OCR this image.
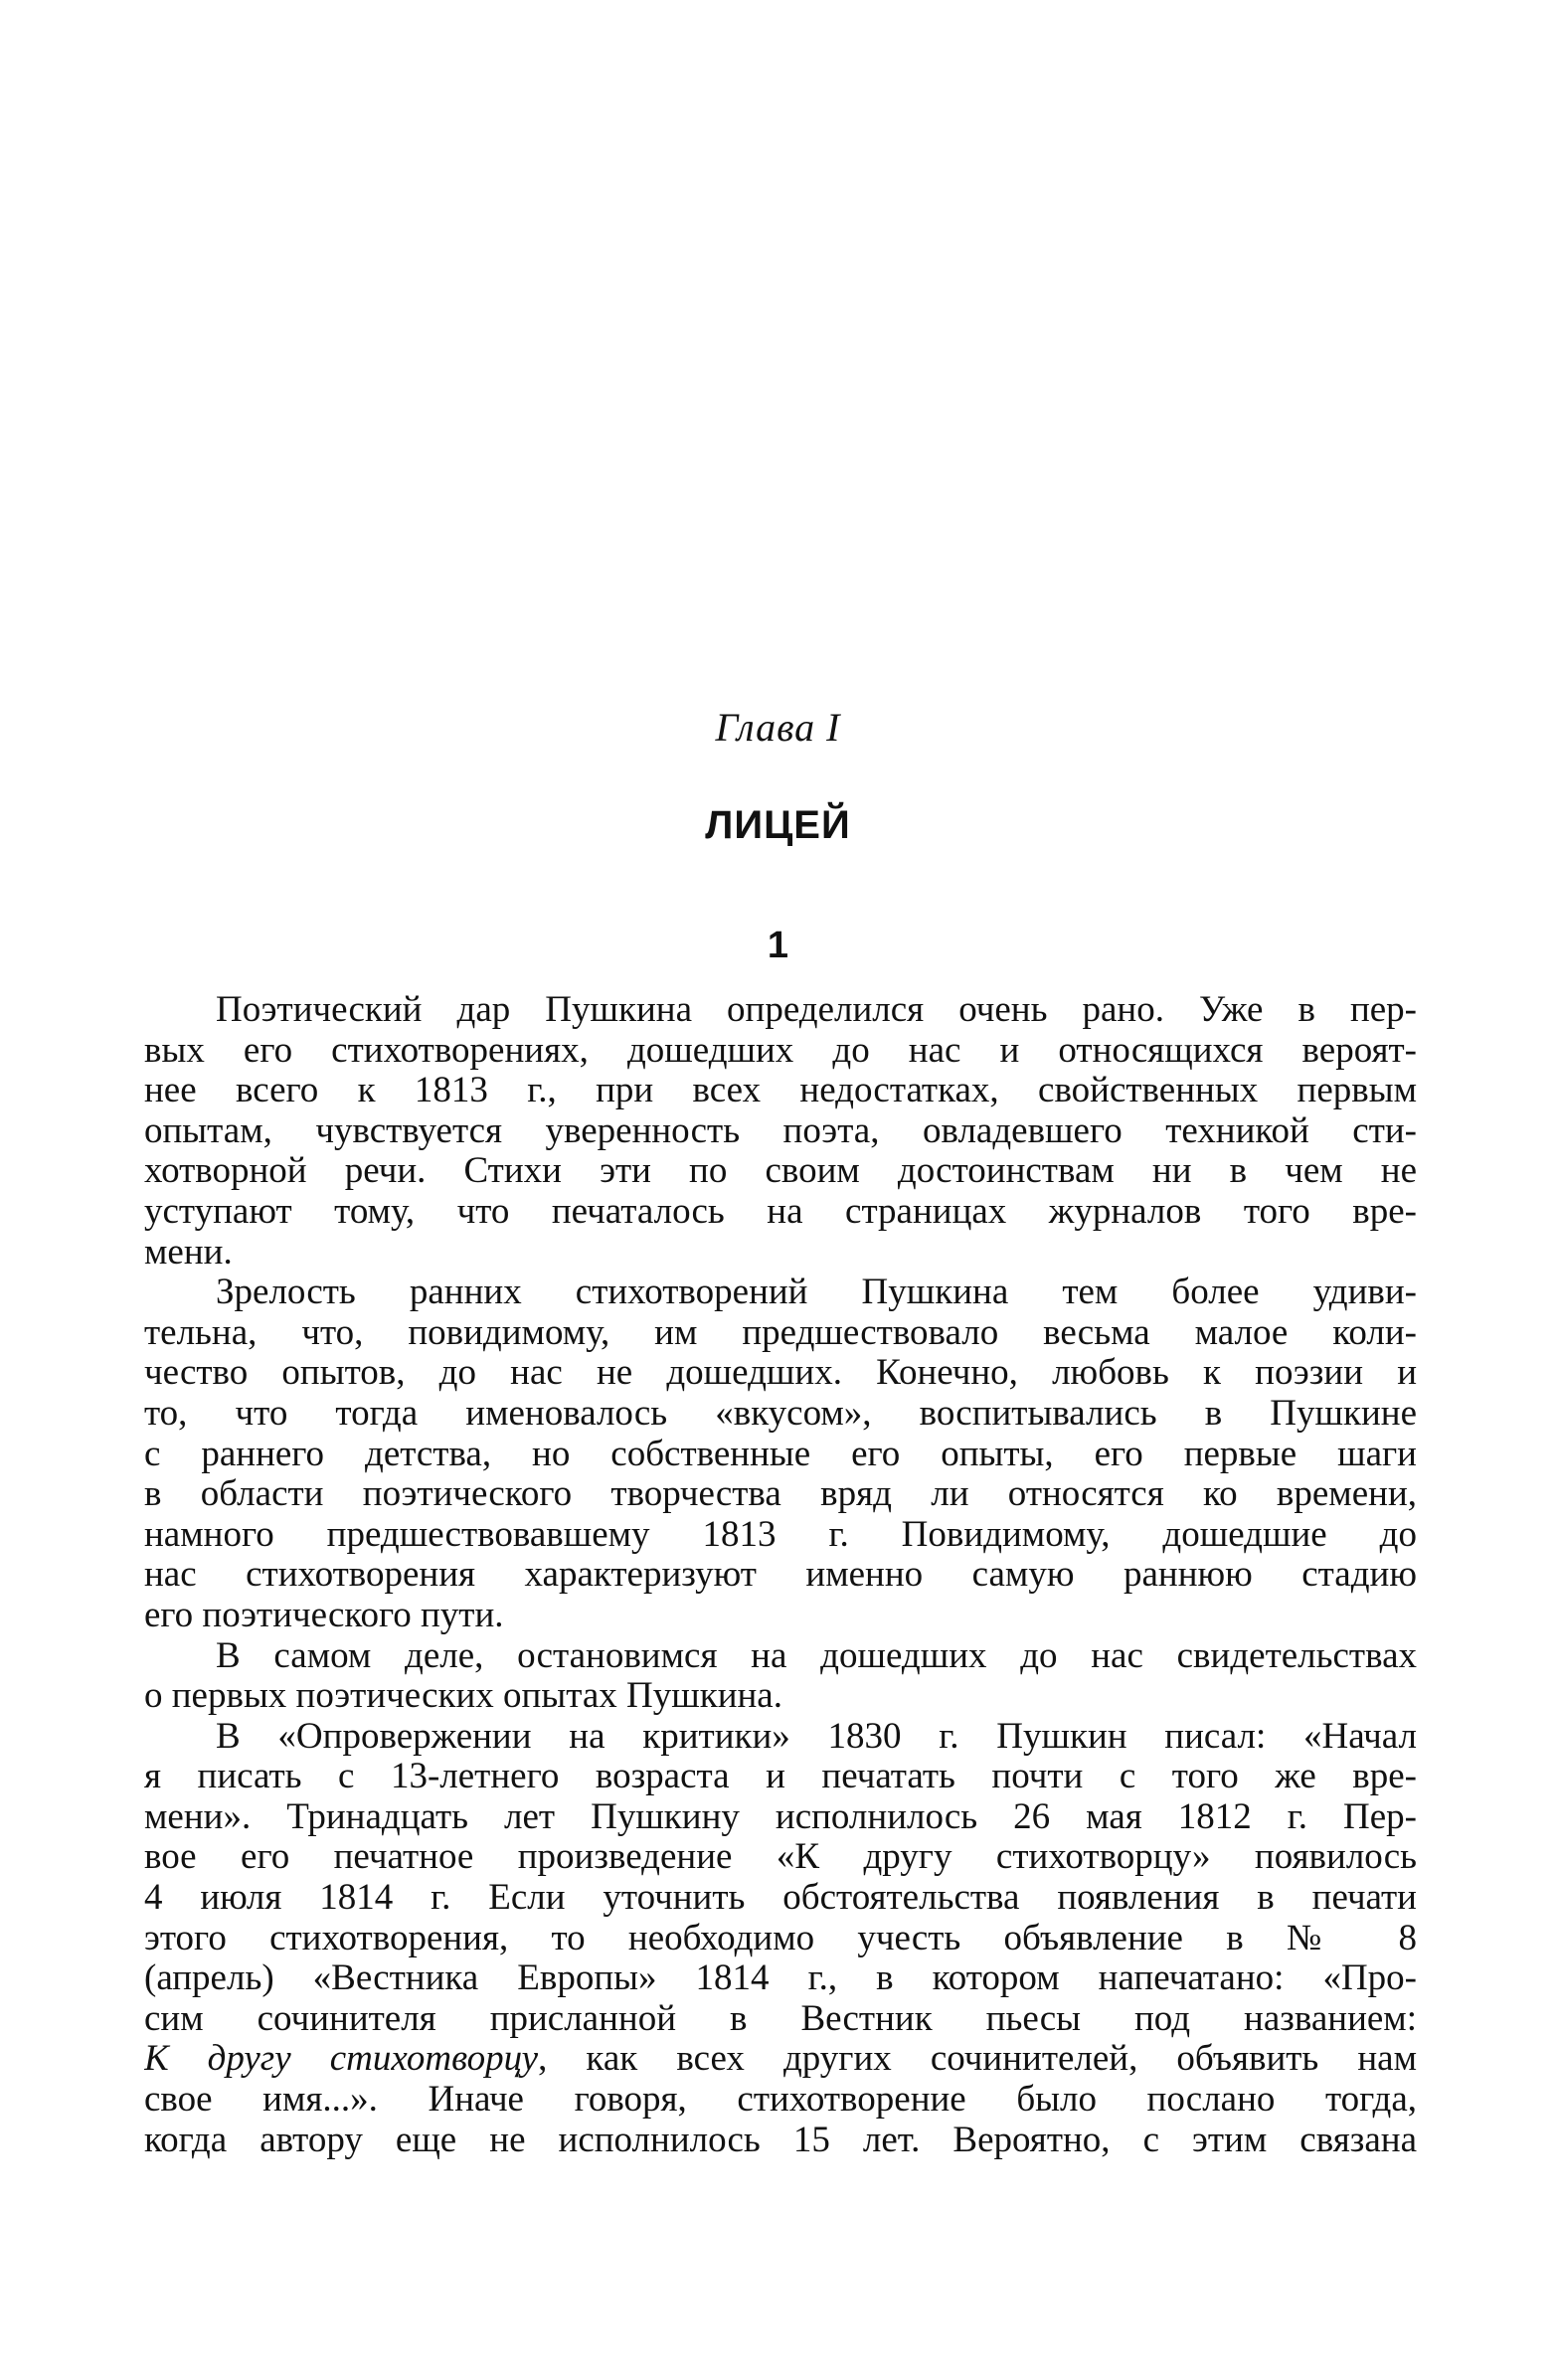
Глава I
ЛИЦЕЙ
1
Поэтический дар Пушкина определился очень рано. Уже в пер-
вых его стихотворениях, дошедших до нас и относящихся вероят-
нее всего к 1813 г., при всех недостатках, свойственных первым
опытам, чувствуется уверенность поэта, овладевшего техникой сти-
хотворной речи. Стихи эти по своим достоинствам ни в чем не
уступают тому, что печаталось на страницах журналов того вре-
мени.
Зрелость ранних стихотворений Пушкина тем более удиви-
тельна, что, повидимому, им предшествовало весьма малое коли-
чество опытов, до нас не дошедших. Конечно, любовь к поэзии и
то, что тогда именовалось «вкусом», воспитывались в Пушкине
с раннего детства, но собственные его опыты, его первые шаги
в области поэтического творчества вряд ли относятся ко времени,
намного предшествовавшему 1813 г. Повидимому, дошедшие до
нас стихотворения характеризуют именно самую раннюю стадию
его поэтического пути.
В самом деле, остановимся на дошедших до нас свидетельствах
о первых поэтических опытах Пушкина.
В «Опровержении на критики» 1830 г. Пушкин писал: «Начал
я писать с 13-летнего возраста и печатать почти с того же вре-
мени». Тринадцать лет Пушкину исполнилось 26 мая 1812 г. Пер-
вое его печатное произведение «К другу стихотворцу» появилось
4 июля 1814 г. Если уточнить обстоятельства появления в печати
этого стихотворения, то необходимо учесть объявление в № 8
(апрель) «Вестника Европы» 1814 г., в котором напечатано: «Про-
сим сочинителя присланной в Вестник пьесы под названием:
К другу стихотворцу, как всех других сочинителей, объявить нам
своe имя...». Иначе говоря, стихотворение было послано тогда,
когда автору еще не исполнилось 15 лет. Вероятно, с этим связана
